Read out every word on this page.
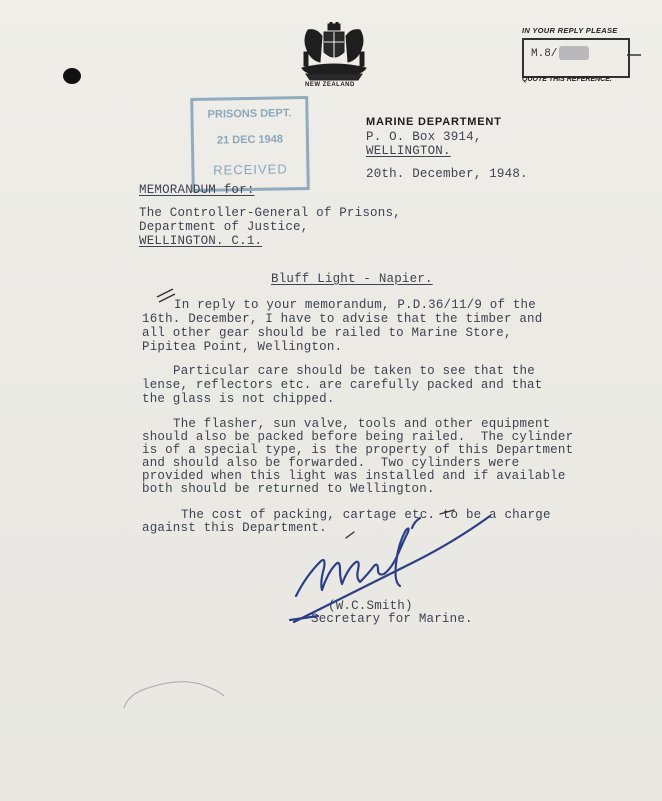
IN YOUR REPLY PLEASE
M.8/
QUOTE THIS REFERENCE.
NEW ZEALAND
PRISONS DEPT.
21 DEC 1948
RECEIVED
MARINE DEPARTMENT
P. O. Box 3914,
WELLINGTON.
20th. December, 1948.
MEMORANDUM for:
The Controller-General of Prisons,
Department of Justice,
WELLINGTON. C.1.
Bluff Light - Napier.
In reply to your memorandum, P.D.36/11/9 of the
16th. December, I have to advise that the timber and
all other gear should be railed to Marine Store,
Pipitea Point, Wellington.
Particular care should be taken to see that the
lense, reflectors etc. are carefully packed and that
the glass is not chipped.
The flasher, sun valve, tools and other equipment
should also be packed before being railed.  The cylinder
is of a special type, is the property of this Department
and should also be forwarded.  Two cylinders were
provided when this light was installed and if available
both should be returned to Wellington.
The cost of packing, cartage etc. to be a charge
against this Department.
(W.C.Smith)
Secretary for Marine.
